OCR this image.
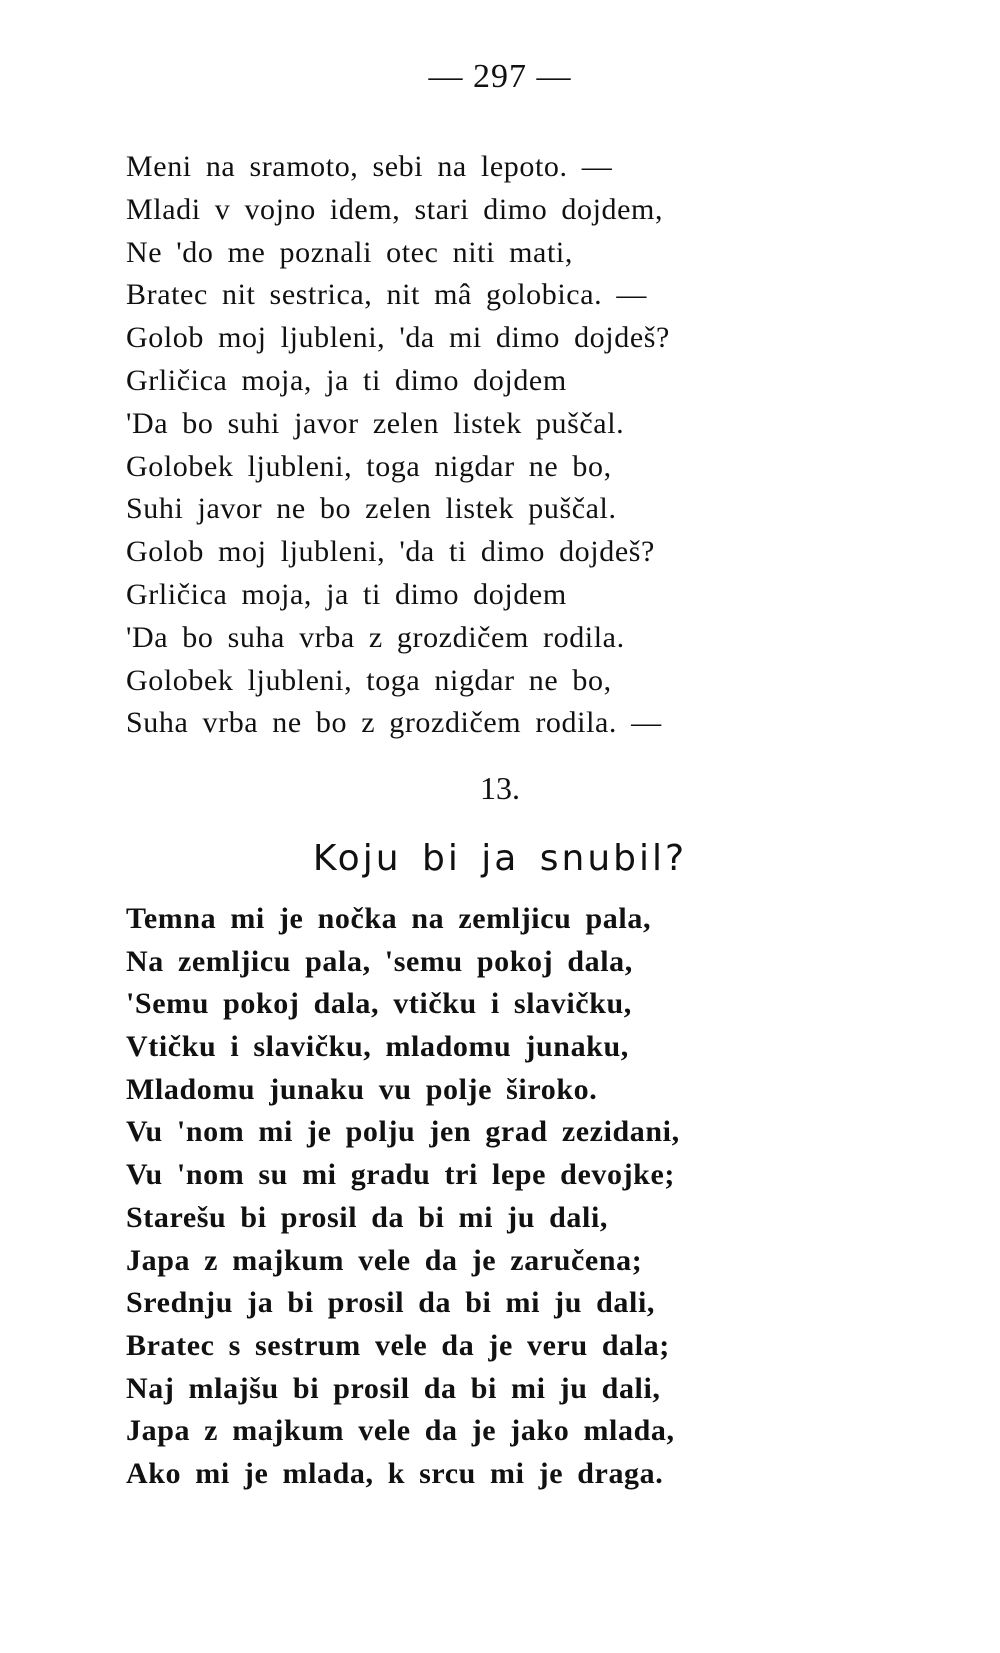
— 297 —
Meni na sramoto, sebi na lepoto. —
Mladi v vojno idem, stari dimo dojdem,
Ne 'do me poznali otec niti mati,
Bratec nit sestrica, nit mâ golobica. —
Golob moj ljubleni, 'da mi dimo dojdeš?
Grličica moja, ja ti dimo dojdem
'Da bo suhi javor zelen listek puščal.
Golobek ljubleni, toga nigdar ne bo,
Suhi javor ne bo zelen listek puščal.
Golob moj ljubleni, 'da ti dimo dojdeš?
Grličica moja, ja ti dimo dojdem
'Da bo suha vrba z grozdičem rodila.
Golobek ljubleni, toga nigdar ne bo,
Suha vrba ne bo z grozdičem rodila. —
13.
Koju bi ja snubil?
Temna mi je nočka na zemljicu pala,
Na zemljicu pala, 'semu pokoj dala,
'Semu pokoj dala, vtičku i slavičku,
Vtičku i slavičku, mladomu junaku,
Mladomu junaku vu polje široko.
Vu 'nom mi je polju jen grad zezidani,
Vu 'nom su mi gradu tri lepe devojke;
Starešu bi prosil da bi mi ju dali,
Japa z majkum vele da je zaručena;
Srednju ja bi prosil da bi mi ju dali,
Bratec s sestrum vele da je veru dala;
Naj mlajšu bi prosil da bi mi ju dali,
Japa z majkum vele da je jako mlada,
Ako mi je mlada, k srcu mi je draga.
